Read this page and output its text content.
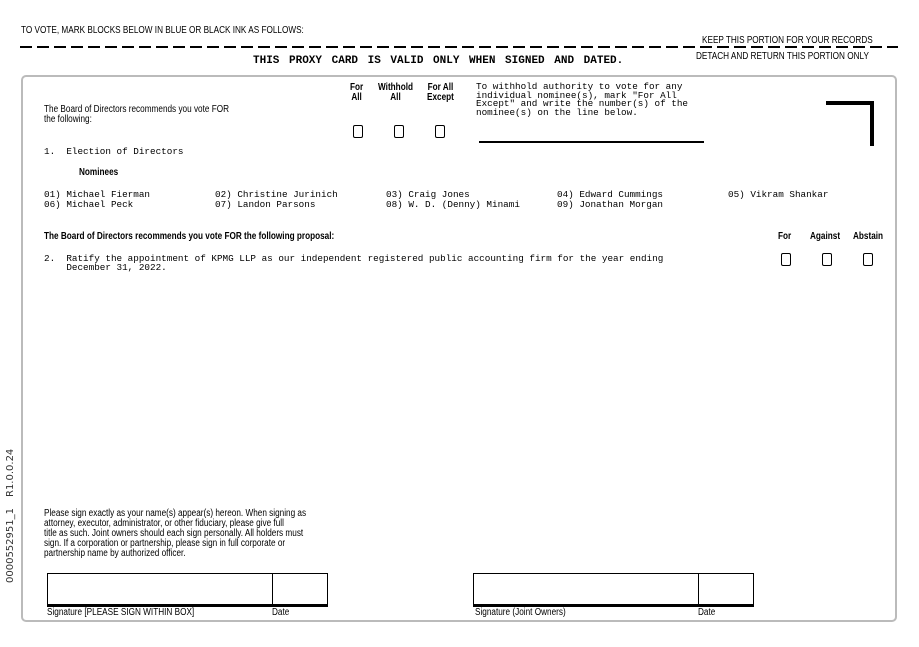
TO VOTE, MARK BLOCKS BELOW IN BLUE OR BLACK INK AS FOLLOWS:
KEEP THIS PORTION FOR YOUR RECORDS
DETACH AND RETURN THIS PORTION ONLY
THIS PROXY CARD IS VALID ONLY WHEN SIGNED AND DATED.
0000552951_1
R1.0.0.24
The Board of Directors recommends you vote FOR
the following:
For
All
Withhold
All
For All
Except
To withhold authority to vote for any
individual nominee(s), mark "For All
Except" and write the number(s) of the
nominee(s) on the line below.
1.  Election of Directors
Nominees
01) Michael Fierman	02) Christine Jurinich	03) Craig Jones	04) Edward Cummings	05) Vikram Shankar
06) Michael Peck	07) Landon Parsons	08) W. D. (Denny) Minami	09) Jonathan Morgan
The Board of Directors recommends you vote FOR the following proposal:	For Against Abstain
2.  Ratify the appointment of KPMG LLP as our independent registered public accounting firm for the year ending
December 31, 2022.
Please sign exactly as your name(s) appear(s) hereon. When signing as
attorney, executor, administrator, or other fiduciary, please give full
title as such. Joint owners should each sign personally. All holders must
sign. If a corporation or partnership, please sign in full corporate or
partnership name by authorized officer.
Signature [PLEASE SIGN WITHIN BOX]	Date	Signature (Joint Owners)	Date
